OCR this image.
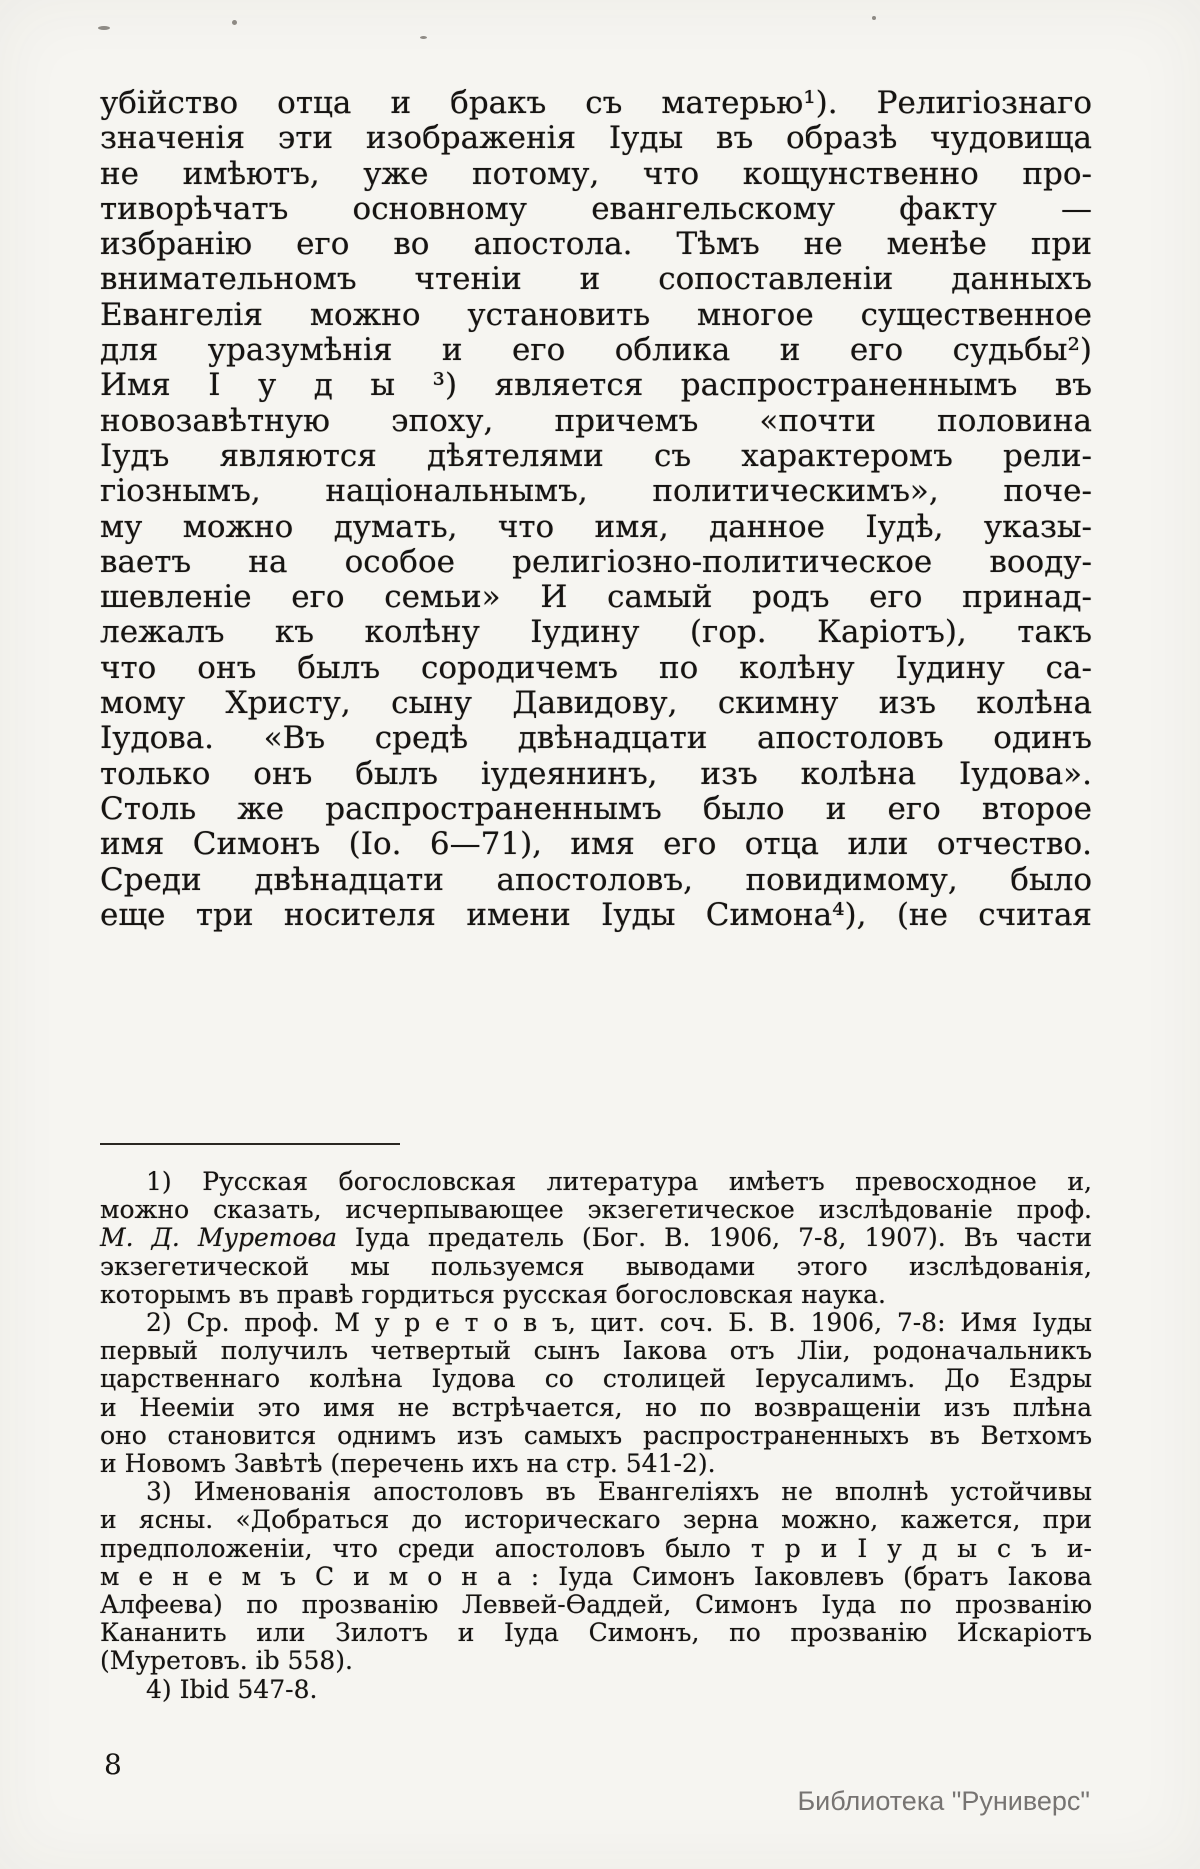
убійство отца и бракъ съ матерью¹). Религіознаго
значенія эти изображенія Іуды въ образѣ чудовища
не имѣютъ, уже потому, что кощунственно про-
тиворѣчатъ основному евангельскому факту —
избранію его во апостола. Тѣмъ не менѣе при
внимательномъ чтеніи и сопоставленіи данныхъ
Евангелія можно установить многое существенное
для уразумѣнія и его облика и его судьбы²)
Имя І у д ы ³) является распространеннымъ въ
новозавѣтную эпоху, причемъ «почти половина
Іудъ являются дѣятелями съ характеромъ рели-
гіознымъ, національнымъ, политическимъ», поче-
му можно думать, что имя, данное Іудѣ, указы-
ваетъ на особое религіозно-политическое вооду-
шевленіе его семьи» И самый родъ его принад-
лежалъ къ колѣну Іудину (гор. Каріотъ), такъ
что онъ былъ сородичемъ по колѣну Іудину са-
мому Христу, сыну Давидову, скимну изъ колѣна
Іудова. «Въ средѣ двѣнадцати апостоловъ одинъ
только онъ былъ іудеянинъ, изъ колѣна Іудова».
Столь же распространеннымъ было и его второе
имя Симонъ (Іо. 6—71), имя его отца или отчество.
Среди двѣнадцати апостоловъ, повидимому, было
еще три носителя имени Іуды Симона⁴), (не считая
1) Русская богословская литература имѣетъ превосходное и,
можно сказать, исчерпывающее экзегетическое изслѣдованіе проф.
М. Д. Муретова Іуда предатель (Бог. В. 1906, 7-8, 1907). Въ части
экзегетической мы пользуемся выводами этого изслѣдованія,
которымъ въ правѣ гордиться русская богословская наука.
2) Ср. проф. М у р е т о в ъ, цит. соч. Б. В. 1906, 7-8: Имя Іуды
первый получилъ четвертый сынъ Іакова отъ Ліи, родоначальникъ
царственнаго колѣна Іудова со столицей Іерусалимъ. До Ездры
и Нееміи это имя не встрѣчается, но по возвращеніи изъ плѣна
оно становится однимъ изъ самыхъ распространенныхъ въ Ветхомъ
и Новомъ Завѣтѣ (перечень ихъ на стр. 541-2).
3) Именованія апостоловъ въ Евангеліяхъ не вполнѣ устойчивы
и ясны. «Добраться до историческаго зерна можно, кажется, при
предположеніи, что среди апостоловъ было т р и І у д ы с ъ и-
м е н е м ъ С и м о н а : Іуда Симонъ Іаковлевъ (братъ Іакова
Алфеева) по прозванію Леввей-Ѳаддей, Симонъ Іуда по прозванію
Кананить или Зилотъ и Іуда Симонъ, по прозванію Искаріотъ
(Муретовъ. ib 558).
4) Ibid 547-8.
8
Библиотека "Руниверс"
